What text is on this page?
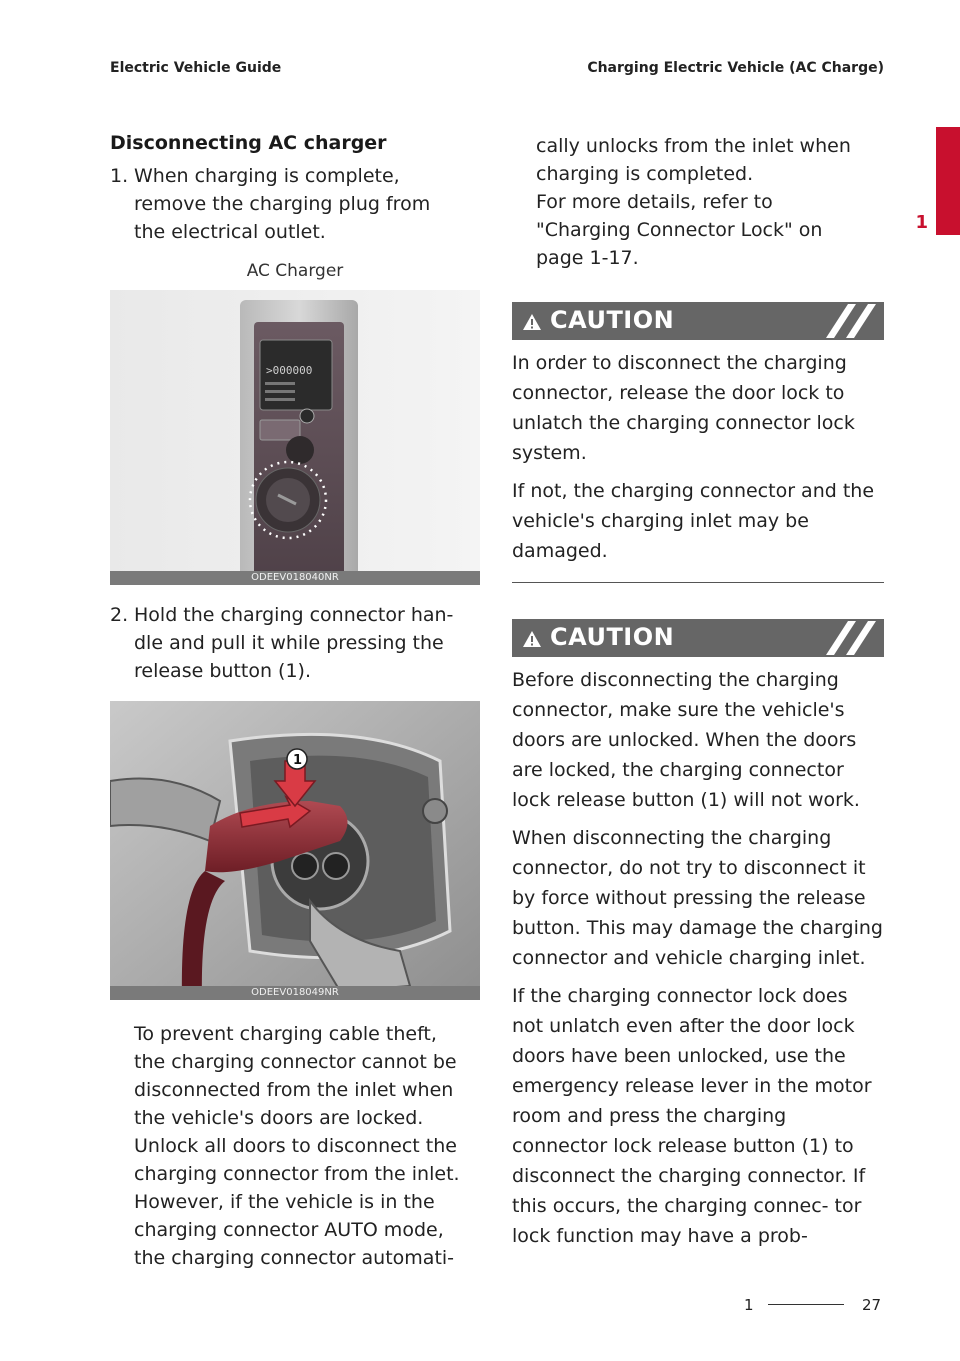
Electric Vehicle Guide	Charging Electric Vehicle (AC Charge)
1
Disconnecting AC charger
1. When charging is complete,
remove the charging plug from
the electrical outlet.
AC Charger
>000000
ODEEV018040NR
2. Hold the charging connector han-
dle and pull it while pressing the
release button (1).
1
ODEEV018049NR
To prevent charging cable theft,
the charging connector cannot be
disconnected from the inlet when
the vehicle's doors are locked.
Unlock all doors to disconnect the
charging connector from the inlet.
However, if the vehicle is in the
charging connector AUTO mode,
the charging connector automati-
cally unlocks from the inlet when
charging is completed.
For more details, refer to
"Charging Connector Lock" on
page 1-17.
CAUTION

In order to disconnect the charging connector, release the door lock to unlatch the charging connector lock system.

If not, the charging connector and the vehicle's charging inlet may be damaged.

CAUTION

Before disconnecting the charging connector, make sure the vehicle's doors are unlocked. When the doors are locked, the charging connector lock release button (1) will not work.

When disconnecting the charging connector, do not try to disconnect it by force without pressing the release button. This may damage the charging connector and vehicle charging inlet.

If the charging connector lock does not unlatch even after the door lock doors have been unlocked, use the emergency release lever in the motor room and press the charging connector lock release button (1) to disconnect the charging connector. If this occurs, the charging connec- tor lock function may have a prob-

1	27
